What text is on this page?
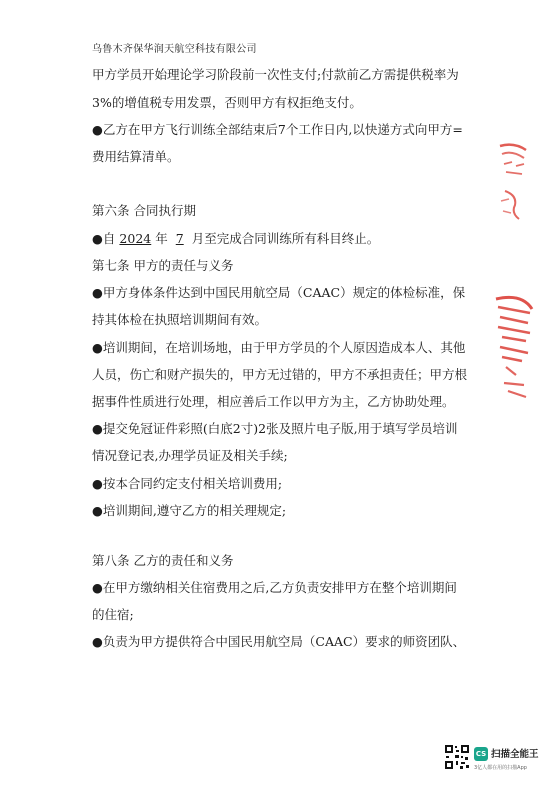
乌鲁木齐保华润天航空科技有限公司
甲方学员开始理论学习阶段前一次性支付;付款前乙方需提供税率为
3%的增值税专用发票，否则甲方有权拒绝支付。
●乙方在甲方飞行训练全部结束后7个工作日内,以快递方式向甲方=
费用结算清单。
第六条 合同执行期
●自 2024 年 7 月至完成合同训练所有科目终止。
第七条 甲方的责任与义务
●甲方身体条件达到中国民用航空局（CAAC）规定的体检标准，保
持其体检在执照培训期间有效。
●培训期间，在培训场地，由于甲方学员的个人原因造成本人、其他
人员，伤亡和财产损失的，甲方无过错的，甲方不承担责任；甲方根
据事件性质进行处理，相应善后工作以甲方为主，乙方协助处理。
●提交免冠证件彩照(白底2寸)2张及照片电子版,用于填写学员培训
情况登记表,办理学员证及相关手续;
●按本合同约定支付相关培训费用;
●培训期间,遵守乙方的相关理规定;
第八条 乙方的责任和义务
●在甲方缴纳相关住宿费用之后,乙方负责安排甲方在整个培训期间
的住宿;
●负责为甲方提供符合中国民用航空局（CAAC）要求的师资团队、
CS 扫描全能王
3亿人都在用的扫描App
